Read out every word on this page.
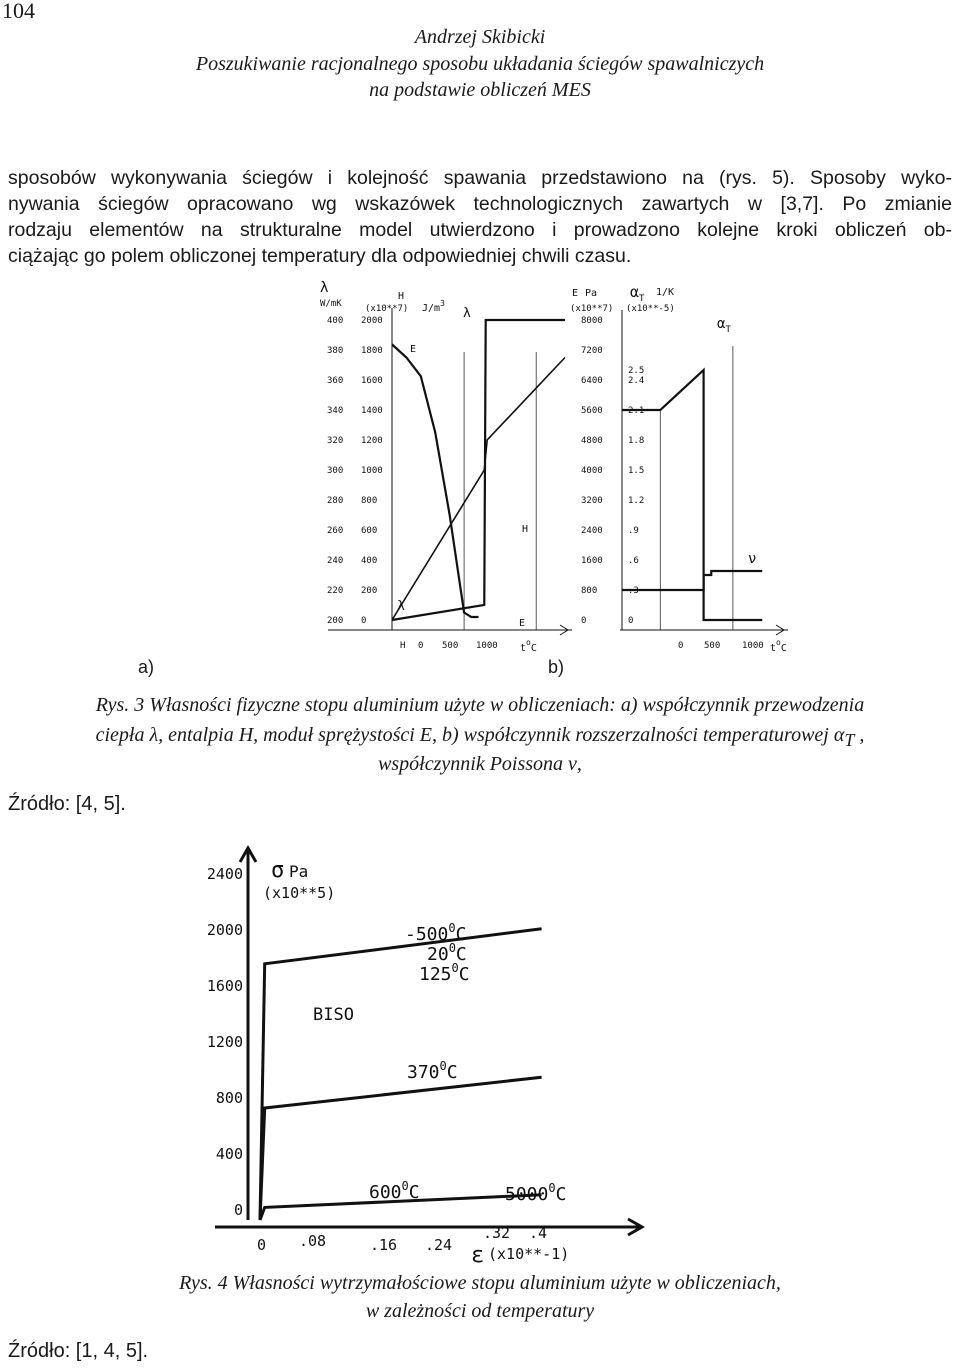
104
Andrzej Skibicki
Poszukiwanie racjonalnego sposobu układania ściegów spawalniczych
na podstawie obliczeń MES
sposobów wykonywania ściegów i kolejność spawania przedstawiono na (rys. 5). Sposoby wyko-
nywania ściegów opracowano wg wskazówek technologicznych zawartych w [3,7]. Po zmianie
rodzaju elementów na strukturalne model utwierdzono i prowadzono kolejne kroki obliczeń ob-
ciążając go polem obliczonej temperatury dla odpowiedniej chwili czasu.
λ
W/mK
H
(x10**7) $J/m^3$
400
380
360
340
320
300
280
260
240
220
200
2000
1800
1600
1400
1200
1000
800
600
400
200
0
H 0 500 1000 $t^oC$
E
λ
H
λ
E
E Pa
(x10**7)
$\alpha_T$
1/K
(x10**-5)
8000
7200
6400
5600
4800
4000
3200
2400
1600
800
0
2.5
2.4
2.1
1.8
1.5
1.2
.9
.6
.3
0
0 500 1000 $t^oC$
$\alpha_T$
ν
a)	b)
Rys. 3 Własności fizyczne stopu aluminium użyte w obliczeniach: a) współczynnik przewodzenia
ciepła λ, entalpia H, moduł sprężystości E, b) współczynnik rozszerzalności temperaturowej $\alpha_T$ ,
współczynnik Poissona ν,
Źródło: [4, 5].
σ Pa
(x10**5)
ε (x10**-1)
2400
2000
1600
1200
800
400
0
0 .08	.16 .24
.32 .4
$-500^0C$
$20^0C$
$125^0C$
BISO
$370^0C$
$600^0C$	5000$^0$C
Rys. 4 Własności wytrzymałościowe stopu aluminium użyte w obliczeniach,
w zależności od temperatury
Źródło: [1, 4, 5].
